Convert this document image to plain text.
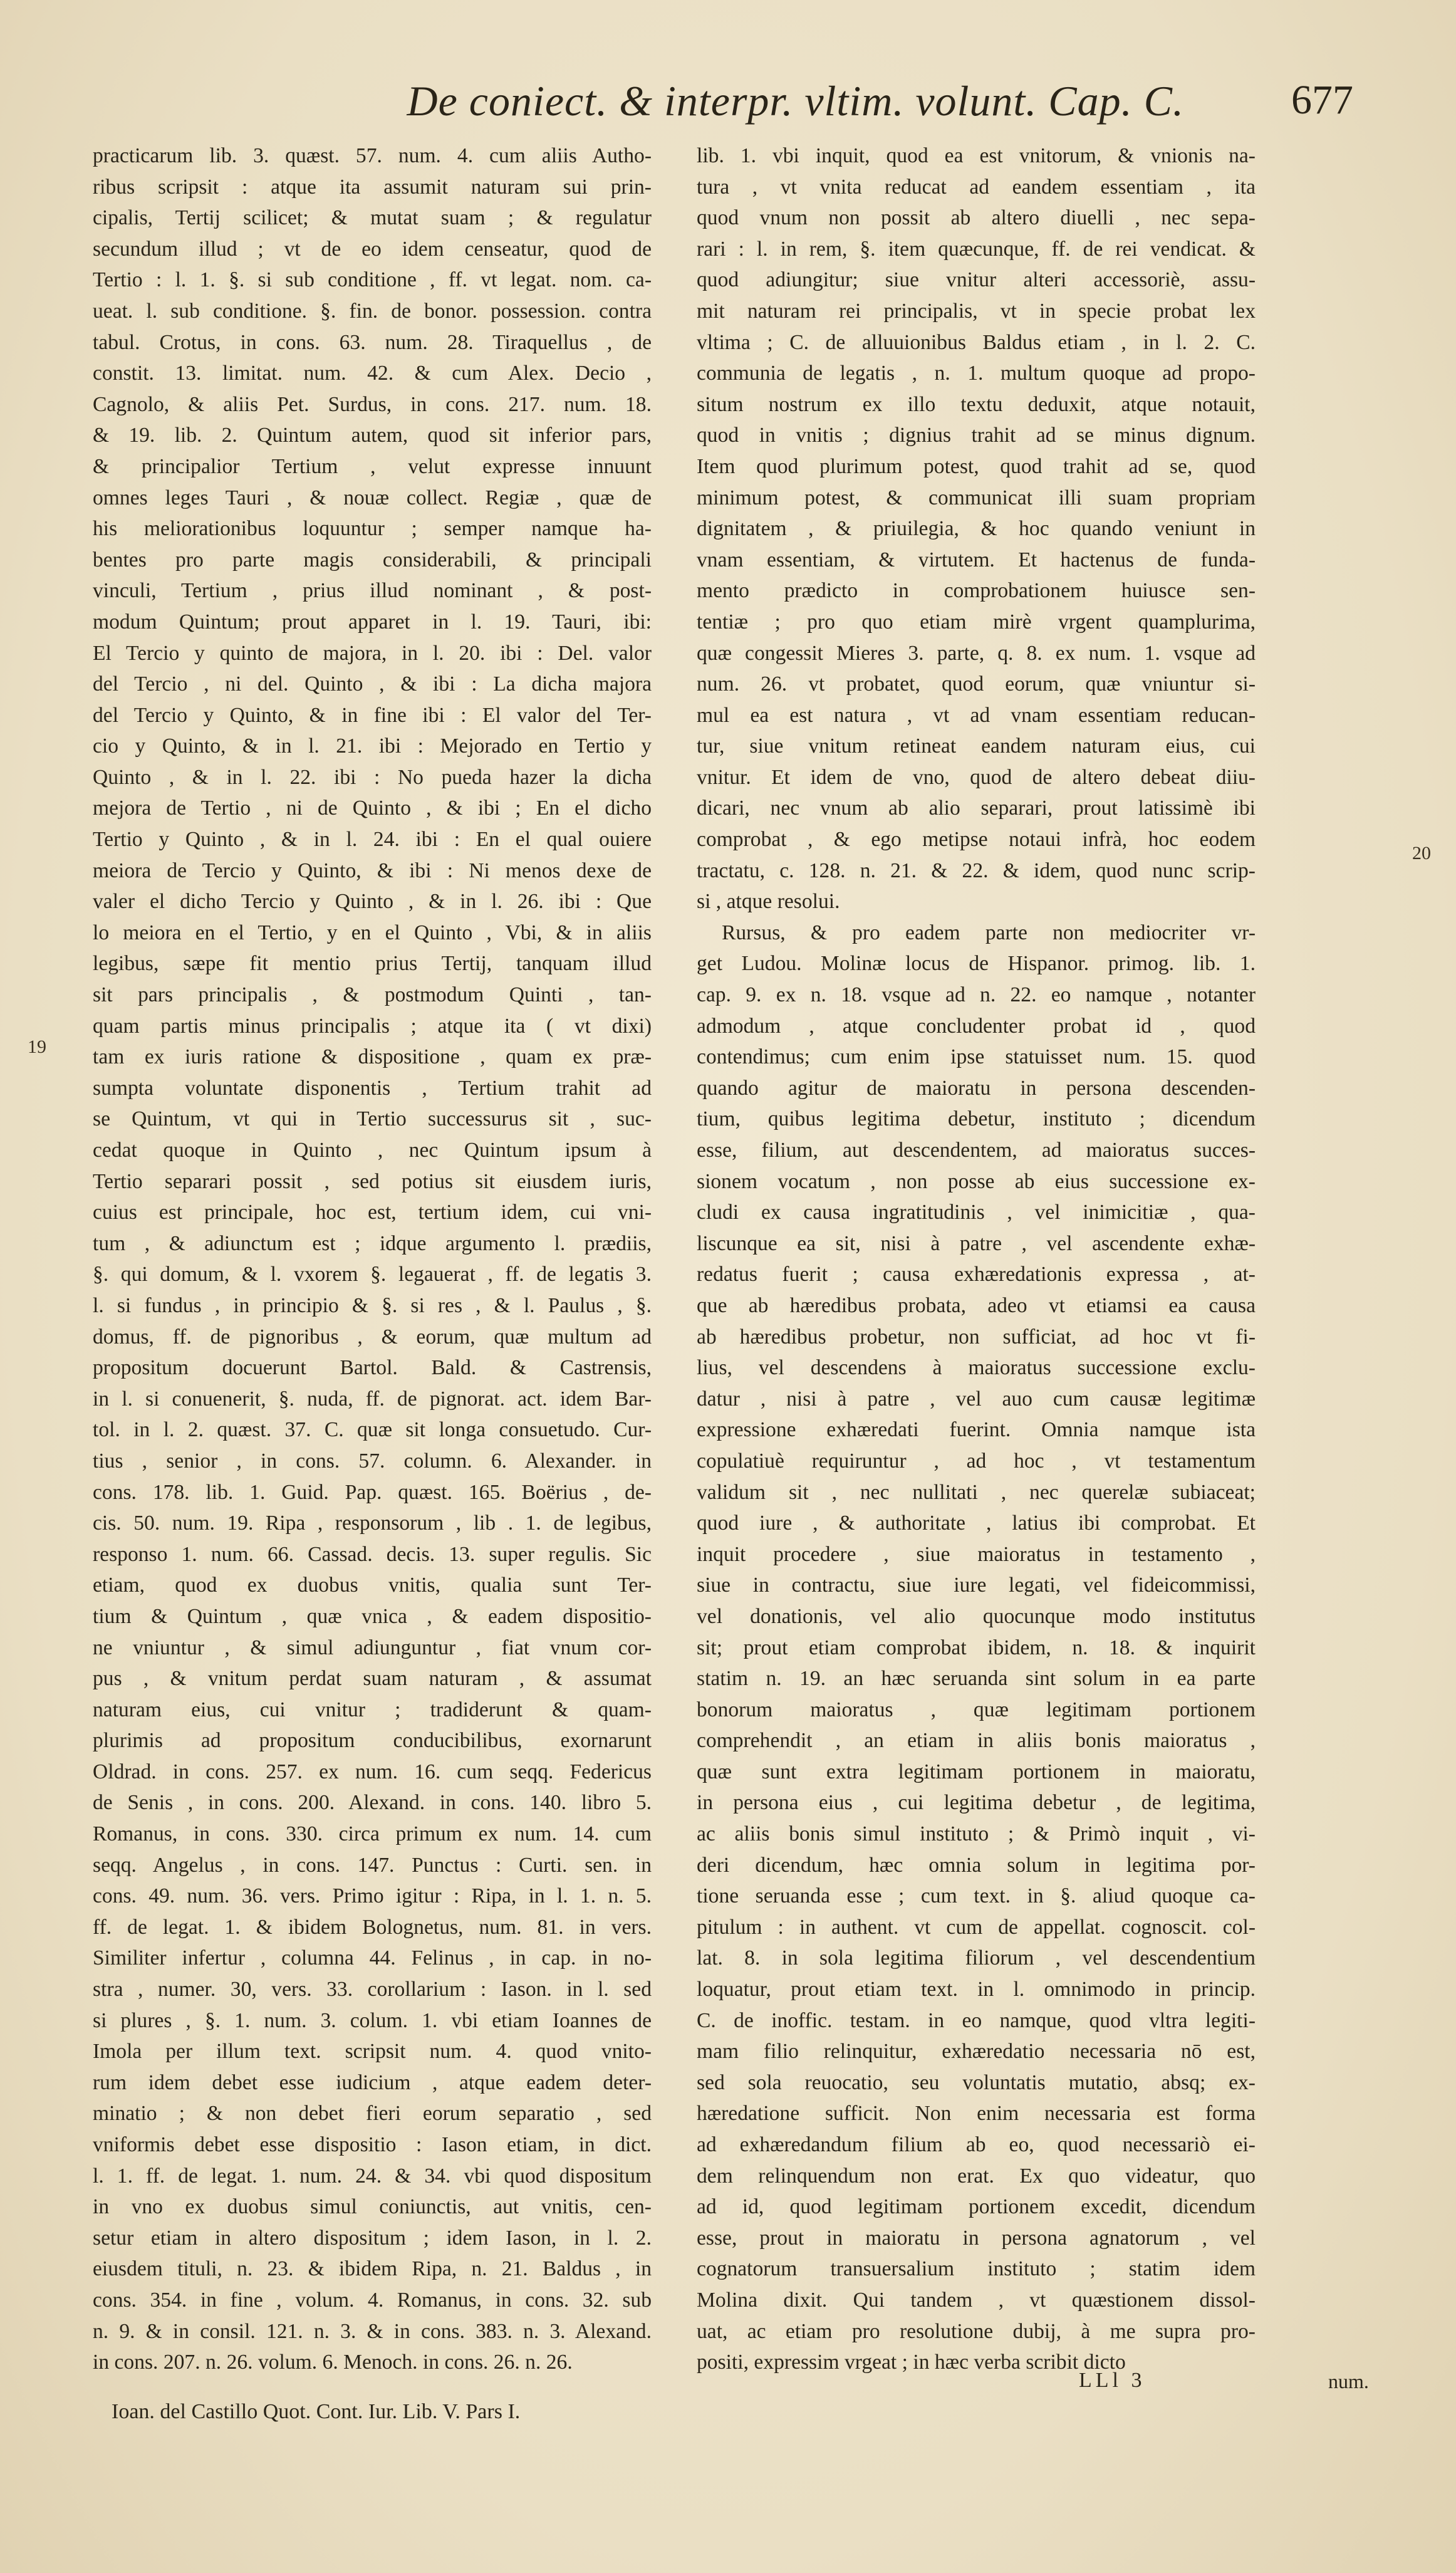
De coniect. & interpr. vltim. volunt. Cap. C.	677
20
19
practicarum lib. 3. quæst. 57. num. 4. cum aliis Autho-
ribus scripsit : atque ita assumit naturam sui prin-
cipalis, Tertij scilicet; & mutat suam ; & regulatur
secundum illud ; vt de eo idem censeatur, quod de
Tertio : l. 1. §. si sub conditione , ff. vt legat. nom. ca-
ueat. l. sub conditione. §. fin. de bonor. possession. contra
tabul. Crotus, in cons. 63. num. 28. Tiraquellus , de
constit. 13. limitat. num. 42. & cum Alex. Decio ,
Cagnolo, & aliis Pet. Surdus, in cons. 217. num. 18.
& 19. lib. 2. Quintum autem, quod sit inferior pars,
& principalior Tertium , velut expresse innuunt
omnes leges Tauri , & nouæ collect. Regiæ , quæ de
his meliorationibus loquuntur ; semper namque ha-
bentes pro parte magis considerabili, & principali
vinculi, Tertium , prius illud nominant , & post-
modum Quintum; prout apparet in l. 19. Tauri, ibi:
El Tercio y quinto de majora, in l. 20. ibi : Del. valor
del Tercio , ni del. Quinto , & ibi : La dicha majora
del Tercio y Quinto, & in fine ibi : El valor del Ter-
cio y Quinto, & in l. 21. ibi : Mejorado en Tertio y
Quinto , & in l. 22. ibi : No pueda hazer la dicha
mejora de Tertio , ni de Quinto , & ibi ; En el dicho
Tertio y Quinto , & in l. 24. ibi : En el qual ouiere
meiora de Tercio y Quinto, & ibi : Ni menos dexe de
valer el dicho Tercio y Quinto , & in l. 26. ibi : Que
lo meiora en el Tertio, y en el Quinto , Vbi, & in aliis
legibus, sæpe fit mentio prius Tertij, tanquam illud
sit pars principalis , & postmodum Quinti , tan-
quam partis minus principalis ; atque ita ( vt dixi)
tam ex iuris ratione & dispositione , quam ex præ-
sumpta voluntate disponentis , Tertium trahit ad
se Quintum, vt qui in Tertio successurus sit , suc-
cedat quoque in Quinto , nec Quintum ipsum à
Tertio separari possit , sed potius sit eiusdem iuris,
cuius est principale, hoc est, tertium idem, cui vni-
tum , & adiunctum est ; idque argumento l. prædiis,
§. qui domum, & l. vxorem §. legauerat , ff. de legatis 3.
l. si fundus , in principio & §. si res , & l. Paulus , §.
domus, ff. de pignoribus , & eorum, quæ multum ad
propositum docuerunt Bartol. Bald. & Castrensis,
in l. si conuenerit, §. nuda, ff. de pignorat. act. idem Bar-
tol. in l. 2. quæst. 37. C. quæ sit longa consuetudo. Cur-
tius , senior , in cons. 57. column. 6. Alexander. in
cons. 178. lib. 1. Guid. Pap. quæst. 165. Boërius , de-
cis. 50. num. 19. Ripa , responsorum , lib . 1. de legibus,
responso 1. num. 66. Cassad. decis. 13. super regulis. Sic
etiam, quod ex duobus vnitis, qualia sunt Ter-
tium & Quintum , quæ vnica , & eadem dispositio-
ne vniuntur , & simul adiunguntur , fiat vnum cor-
pus , & vnitum perdat suam naturam , & assumat
naturam eius, cui vnitur ; tradiderunt & quam-
plurimis ad propositum conducibilibus, exornarunt
Oldrad. in cons. 257. ex num. 16. cum seqq. Federicus
de Senis , in cons. 200. Alexand. in cons. 140. libro 5.
Romanus, in cons. 330. circa primum ex num. 14. cum
seqq. Angelus , in cons. 147. Punctus : Curti. sen. in
cons. 49. num. 36. vers. Primo igitur : Ripa, in l. 1. n. 5.
ff. de legat. 1. & ibidem Bolognetus, num. 81. in vers.
Similiter infertur , columna 44. Felinus , in cap. in no-
stra , numer. 30, vers. 33. corollarium : Iason. in l. sed
si plures , §. 1. num. 3. colum. 1. vbi etiam Ioannes de
Imola per illum text. scripsit num. 4. quod vnito-
rum idem debet esse iudicium , atque eadem deter-
minatio ; & non debet fieri eorum separatio , sed
vniformis debet esse dispositio : Iason etiam, in dict.
l. 1. ff. de legat. 1. num. 24. & 34. vbi quod dispositum
in vno ex duobus simul coniunctis, aut vnitis, cen-
setur etiam in altero dispositum ; idem Iason, in l. 2.
eiusdem tituli, n. 23. & ibidem Ripa, n. 21. Baldus , in
cons. 354. in fine , volum. 4. Romanus, in cons. 32. sub
n. 9. & in consil. 121. n. 3. & in cons. 383. n. 3. Alexand.
in cons. 207. n. 26. volum. 6. Menoch. in cons. 26. n. 26.
lib. 1. vbi inquit, quod ea est vnitorum, & vnionis na-
tura , vt vnita reducat ad eandem essentiam , ita
quod vnum non possit ab altero diuelli , nec sepa-
rari : l. in rem, §. item quæcunque, ff. de rei vendicat. &
quod adiungitur; siue vnitur alteri accessoriè, assu-
mit naturam rei principalis, vt in specie probat lex
vltima ; C. de alluuionibus Baldus etiam , in l. 2. C.
communia de legatis , n. 1. multum quoque ad propo-
situm nostrum ex illo textu deduxit, atque notauit,
quod in vnitis ; dignius trahit ad se minus dignum.
Item quod plurimum potest, quod trahit ad se, quod
minimum potest, & communicat illi suam propriam
dignitatem , & priuilegia, & hoc quando veniunt in
vnam essentiam, & virtutem. Et hactenus de funda-
mento prædicto in comprobationem huiusce sen-
tentiæ ; pro quo etiam mirè vrgent quamplurima,
quæ congessit Mieres 3. parte, q. 8. ex num. 1. vsque ad
num. 26. vt probatet, quod eorum, quæ vniuntur si-
mul ea est natura , vt ad vnam essentiam reducan-
tur, siue vnitum retineat eandem naturam eius, cui
vnitur. Et idem de vno, quod de altero debeat diiu-
dicari, nec vnum ab alio separari, prout latissimè ibi
comprobat , & ego metipse notaui infrà, hoc eodem
tractatu, c. 128. n. 21. & 22. & idem, quod nunc scrip-
si , atque resolui.
Rursus, & pro eadem parte non mediocriter vr-
get Ludou. Molinæ locus de Hispanor. primog. lib. 1.
cap. 9. ex n. 18. vsque ad n. 22. eo namque , notanter
admodum , atque concludenter probat id , quod
contendimus; cum enim ipse statuisset num. 15. quod
quando agitur de maioratu in persona descenden-
tium, quibus legitima debetur, instituto ; dicendum
esse, filium, aut descendentem, ad maioratus succes-
sionem vocatum , non posse ab eius successione ex-
cludi ex causa ingratitudinis , vel inimicitiæ , qua-
liscunque ea sit, nisi à patre , vel ascendente exhæ-
redatus fuerit ; causa exhæredationis expressa , at-
que ab hæredibus probata, adeo vt etiamsi ea causa
ab hæredibus probetur, non sufficiat, ad hoc vt fi-
lius, vel descendens à maioratus successione exclu-
datur , nisi à patre , vel auo cum causæ legitimæ
expressione exhæredati fuerint. Omnia namque ista
copulatiuè requiruntur , ad hoc , vt testamentum
validum sit , nec nullitati , nec querelæ subiaceat;
quod iure , & authoritate , latius ibi comprobat. Et
inquit procedere , siue maioratus in testamento ,
siue in contractu, siue iure legati, vel fideicommissi,
vel donationis, vel alio quocunque modo institutus
sit; prout etiam comprobat ibidem, n. 18. & inquirit
statim n. 19. an hæc seruanda sint solum in ea parte
bonorum maioratus , quæ legitimam portionem
comprehendit , an etiam in aliis bonis maioratus ,
quæ sunt extra legitimam portionem in maioratu,
in persona eius , cui legitima debetur , de legitima,
ac aliis bonis simul instituto ; & Primò inquit , vi-
deri dicendum, hæc omnia solum in legitima por-
tione seruanda esse ; cum text. in §. aliud quoque ca-
pitulum : in authent. vt cum de appellat. cognoscit. col-
lat. 8. in sola legitima filiorum , vel descendentium
loquatur, prout etiam text. in l. omnimodo in princip.
C. de inoffic. testam. in eo namque, quod vltra legiti-
mam filio relinquitur, exhæredatio necessaria nō est,
sed sola reuocatio, seu voluntatis mutatio, absq; ex-
hæredatione sufficit. Non enim necessaria est forma
ad exhæredandum filium ab eo, quod necessariò ei-
dem relinquendum non erat. Ex quo videatur, quo
ad id, quod legitimam portionem excedit, dicendum
esse, prout in maioratu in persona agnatorum , vel
cognatorum transuersalium instituto ; statim idem
Molina dixit. Qui tandem , vt quæstionem dissol-
uat, ac etiam pro resolutione dubij, à me supra pro-
positi, expressim vrgeat ; in hæc verba scribit dicto
Ioan. del Castillo Quot. Cont. Iur. Lib. V. Pars I.
LLl 3	num.
